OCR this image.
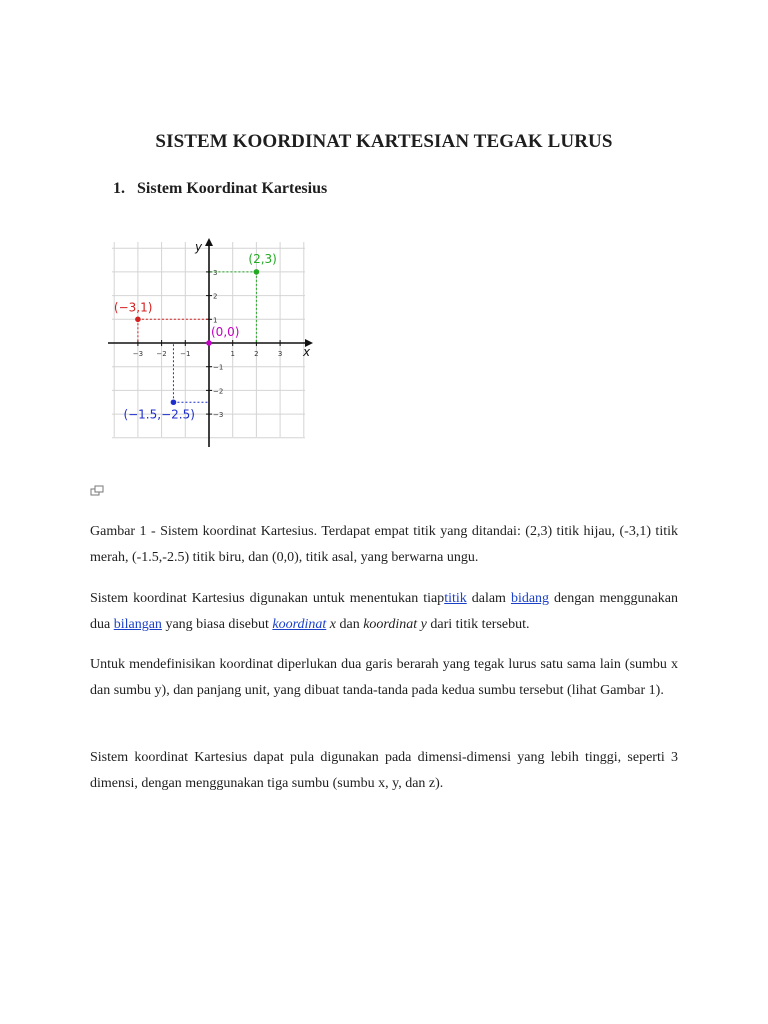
SISTEM KOORDINAT KARTESIAN TEGAK LURUS
1. Sistem Koordinat Kartesius
x
y
−3 −2 −1	1	2	3
1
2
3
−1
−2
−3
(2,3)
(−3,1)
(−1.5,−2.5)
(0,0)

Gambar 1 - Sistem koordinat Kartesius. Terdapat empat titik yang ditandai: (2,3) titik hijau, (-3,1) titik merah, (-1.5,-2.5) titik biru, dan (0,0), titik asal, yang berwarna ungu.

Sistem koordinat Kartesius digunakan untuk menentukan tiaptitik dalam bidang dengan menggunakan dua bilangan yang biasa disebut koordinat x dan koordinat y dari titik tersebut.

Untuk mendefinisikan koordinat diperlukan dua garis berarah yang tegak lurus satu sama lain (sumbu x dan sumbu y), dan panjang unit, yang dibuat tanda-tanda pada kedua sumbu tersebut (lihat Gambar 1).

Sistem koordinat Kartesius dapat pula digunakan pada dimensi-dimensi yang lebih tinggi, seperti 3 dimensi, dengan menggunakan tiga sumbu (sumbu x, y, dan z).
